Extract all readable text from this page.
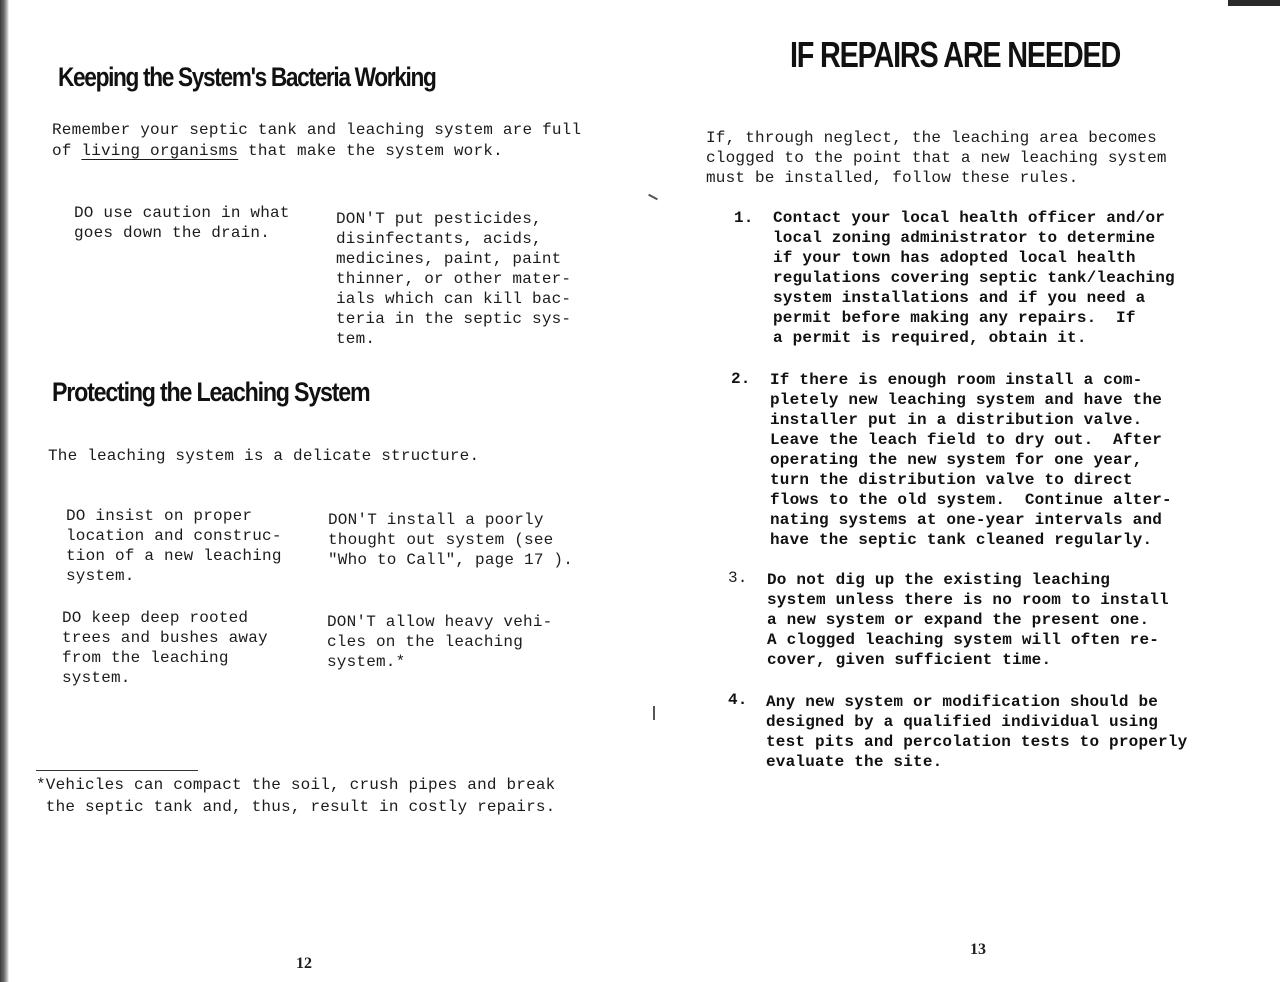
Keeping the System's Bacteria Working
Remember your septic tank and leaching system are full
of living organisms that make the system work.
DO use caution in what
goes down the drain.
DON'T put pesticides,
disinfectants, acids,
medicines, paint, paint
thinner, or other mater-
ials which can kill bac-
teria in the septic sys-
tem.
Protecting the Leaching System
The leaching system is a delicate structure.
DO insist on proper
location and construc-
tion of a new leaching
system.
DON'T install a poorly
thought out system (see
"Who to Call", page 17 ).
DO keep deep rooted
trees and bushes away
from the leaching
system.
DON'T allow heavy vehi-
cles on the leaching
system.*
*Vehicles can compact the soil, crush pipes and break
the septic tank and, thus, result in costly repairs.
12
IF REPAIRS ARE NEEDED
If, through neglect, the leaching area becomes
clogged to the point that a new leaching system
must be installed, follow these rules.
1. Contact your local health officer and/or
local zoning administrator to determine
if your town has adopted local health
regulations covering septic tank/leaching
system installations and if you need a
permit before making any repairs.  If
a permit is required, obtain it.
2. If there is enough room install a com-
pletely new leaching system and have the
installer put in a distribution valve.
Leave the leach field to dry out.  After
operating the new system for one year,
turn the distribution valve to direct
flows to the old system.  Continue alter-
nating systems at one-year intervals and
have the septic tank cleaned regularly.
3. Do not dig up the existing leaching
system unless there is no room to install
a new system or expand the present one.
A clogged leaching system will often re-
cover, given sufficient time.
4. Any new system or modification should be
designed by a qualified individual using
test pits and percolation tests to properly
evaluate the site.
13
